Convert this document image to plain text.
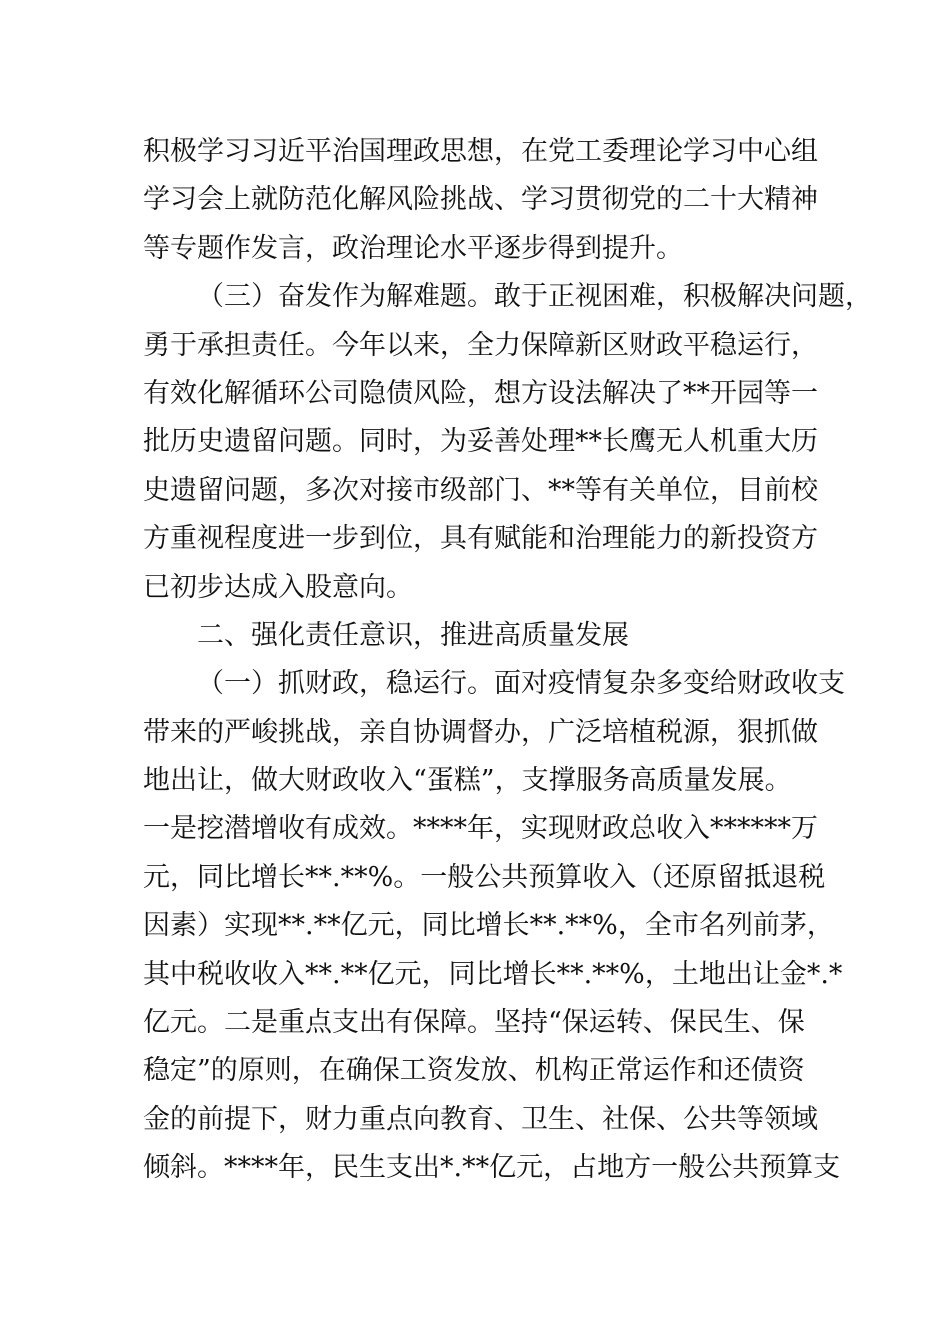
积极学习习近平治国理政思想，在党工委理论学习中心组
学习会上就防范化解风险挑战、学习贯彻党的二十大精神
等专题作发言，政治理论水平逐步得到提升。
（三）奋发作为解难题。敢于正视困难，积极解决问题，
勇于承担责任。今年以来，全力保障新区财政平稳运行，
有效化解循环公司隐债风险，想方设法解决了**开园等一
批历史遗留问题。同时，为妥善处理**长鹰无人机重大历
史遗留问题，多次对接市级部门、**等有关单位，目前校
方重视程度进一步到位，具有赋能和治理能力的新投资方
已初步达成入股意向。
二、强化责任意识，推进高质量发展
（一）抓财政，稳运行。面对疫情复杂多变给财政收支
带来的严峻挑战，亲自协调督办，广泛培植税源，狠抓做
地出让，做大财政收入“蛋糕”，支撑服务高质量发展。
一是挖潜增收有成效。****年，实现财政总收入******万
元，同比增长**.**%。一般公共预算收入（还原留抵退税
因素）实现**.**亿元，同比增长**.**%，全市名列前茅，
其中税收收入**.**亿元，同比增长**.**%，土地出让金*.*
亿元。二是重点支出有保障。坚持“保运转、保民生、保
稳定”的原则，在确保工资发放、机构正常运作和还债资
金的前提下，财力重点向教育、卫生、社保、公共等领域
倾斜。****年，民生支出*.**亿元，占地方一般公共预算支
